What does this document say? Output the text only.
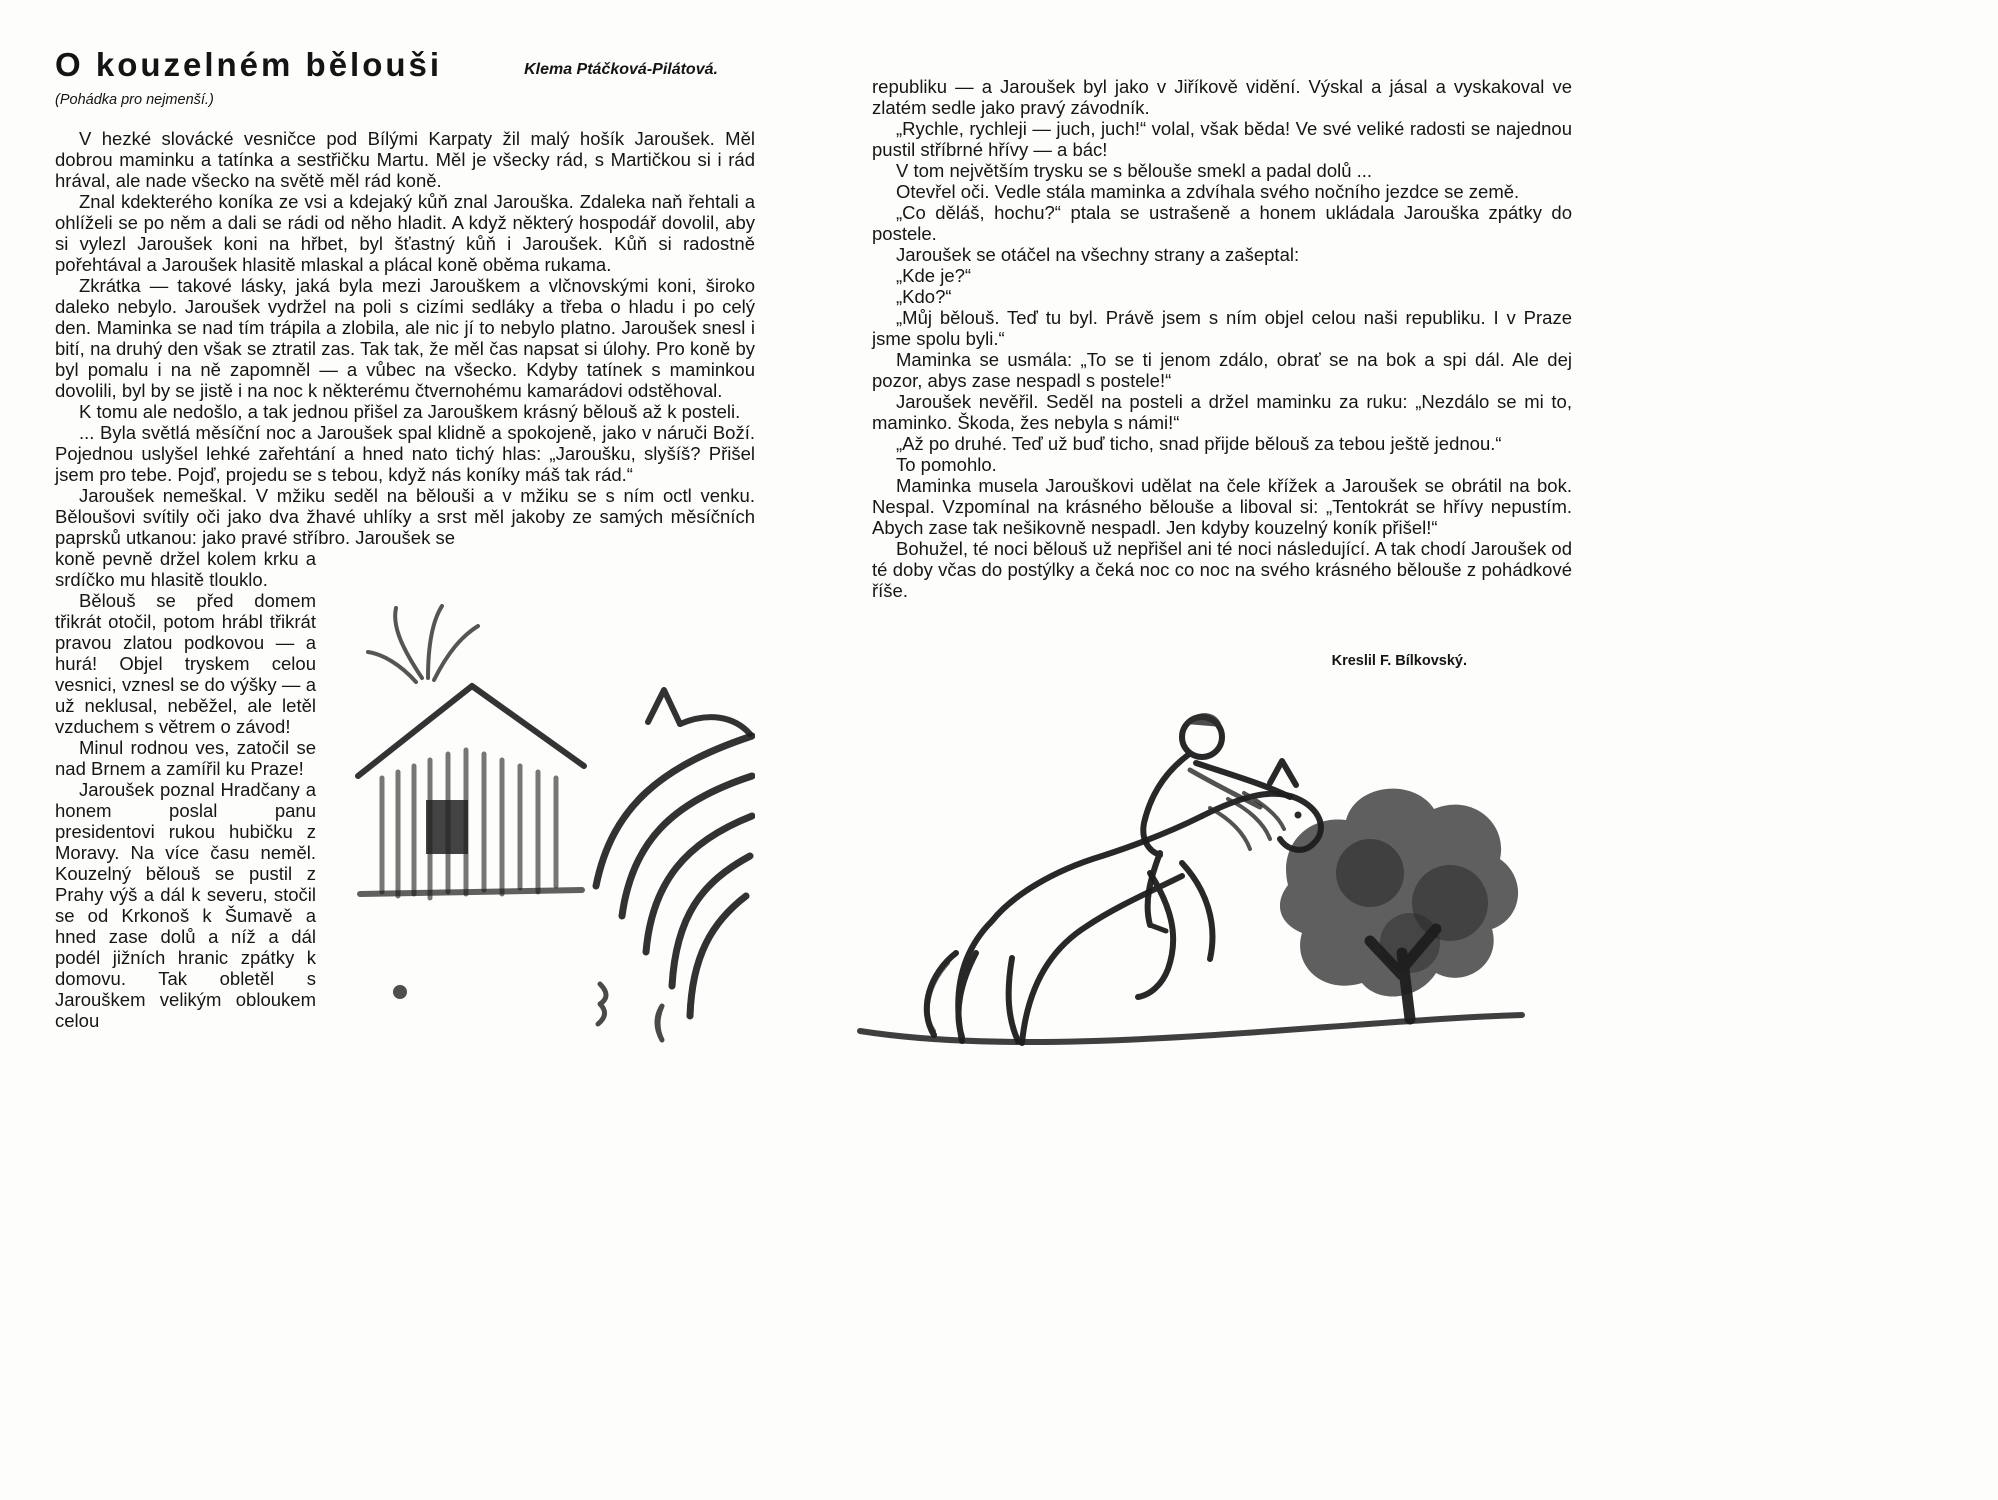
O kouzelném bělouši	Klema Ptáčková-Pilátová.
(Pohádka pro nejmenší.)

V hezké slovácké vesničce pod Bílými Karpaty žil malý hošík Jaroušek. Měl dobrou maminku a tatínka a sestřičku Martu. Měl je všecky rád, s Martičkou si i rád hrával, ale nade všecko na světě měl rád koně.

Znal kdekterého koníka ze vsi a kdejaký kůň znal Jarouška. Zdaleka naň řehtali a ohlíželi se po něm a dali se rádi od něho hladit. A když některý hospodář dovolil, aby si vylezl Jaroušek koni na hřbet, byl šťastný kůň i Jaroušek. Kůň si radostně pořehtával a Jaroušek hlasitě mlaskal a plácal koně oběma rukama.

Zkrátka — takové lásky, jaká byla mezi Jarouškem a vlčnovskými koni, široko daleko nebylo. Jaroušek vydržel na poli s cizími sedláky a třeba o hladu i po celý den. Maminka se nad tím trápila a zlobila, ale nic jí to nebylo platno. Jaroušek snesl i bití, na druhý den však se ztratil zas. Tak tak, že měl čas napsat si úlohy. Pro koně by byl pomalu i na ně zapomněl — a vůbec na všecko. Kdyby tatínek s maminkou dovolili, byl by se jistě i na noc k některému čtvernohému kamarádovi odstěhoval.

K tomu ale nedošlo, a tak jednou přišel za Jarouškem krásný bělouš až k posteli.

... Byla světlá měsíční noc a Jaroušek spal klidně a spokojeně, jako v náruči Boží. Pojednou uslyšel lehké zařehtání a hned nato tichý hlas: „Jaroušku, slyšíš? Přišel jsem pro tebe. Pojď, projedu se s tebou, když nás koníky máš tak rád.“

Jaroušek nemeškal. V mžiku seděl na bělouši a v mžiku se s ním octl venku. Běloušovi svítily oči jako dva žhavé uhlíky a srst měl jakoby ze samých měsíčních paprsků utkanou: jako pravé stříbro. Jaroušek se

koně pevně držel kolem krku a srdíčko mu hlasitě tlouklo.

Bělouš se před domem třikrát otočil, potom hrábl třikrát pravou zlatou podkovou — a hurá! Objel tryskem celou vesnici, vznesl se do výšky — a už neklusal, neběžel, ale letěl vzduchem s větrem o závod!

Minul rodnou ves, zatočil se nad Brnem a zamířil ku Praze!

Jaroušek poznal Hradčany a honem poslal panu presidentovi rukou hubičku z Moravy. Na více času neměl. Kouzelný bělouš se pustil z Prahy výš a dál k severu, stočil se od Krkonoš k Šumavě a hned zase dolů a níž a dál podél jižních hranic zpátky k domovu. Tak obletěl s Jarouškem velikým obloukem celou

republiku — a Jaroušek byl jako v Jiříkově vidění. Výskal a jásal a vyskakoval ve zlatém sedle jako pravý závodník.

„Rychle, rychleji — juch, juch!“ volal, však běda! Ve své veliké radosti se najednou pustil stříbrné hřívy — a bác!

V tom největším trysku se s bělouše smekl a padal dolů ...

Otevřel oči. Vedle stála maminka a zdvíhala svého nočního jezdce se země.

„Co děláš, hochu?“ ptala se ustrašeně a honem ukládala Jarouška zpátky do postele.

Jaroušek se otáčel na všechny strany a zašeptal:

„Kde je?“

„Kdo?“

„Můj bělouš. Teď tu byl. Právě jsem s ním objel celou naši republiku. I v Praze jsme spolu byli.“

Maminka se usmála: „To se ti jenom zdálo, obrať se na bok a spi dál. Ale dej pozor, abys zase nespadl s postele!“

Jaroušek nevěřil. Seděl na posteli a držel maminku za ruku: „Nezdálo se mi to, maminko. Škoda, žes nebyla s námi!“

„Až po druhé. Teď už buď ticho, snad přijde bělouš za tebou ještě jednou.“

To pomohlo.

Maminka musela Jarouškovi udělat na čele křížek a Jaroušek se obrátil na bok. Nespal. Vzpomínal na krásného bělouše a liboval si: „Tentokrát se hřívy nepustím. Abych zase tak nešikovně nespadl. Jen kdyby kouzelný koník přišel!“

Bohužel, té noci bělouš už nepřišel ani té noci následující. A tak chodí Jaroušek od té doby včas do postýlky a čeká noc co noc na svého krásného bělouše z pohádkové říše.

Kreslil F. Bílkovský.
